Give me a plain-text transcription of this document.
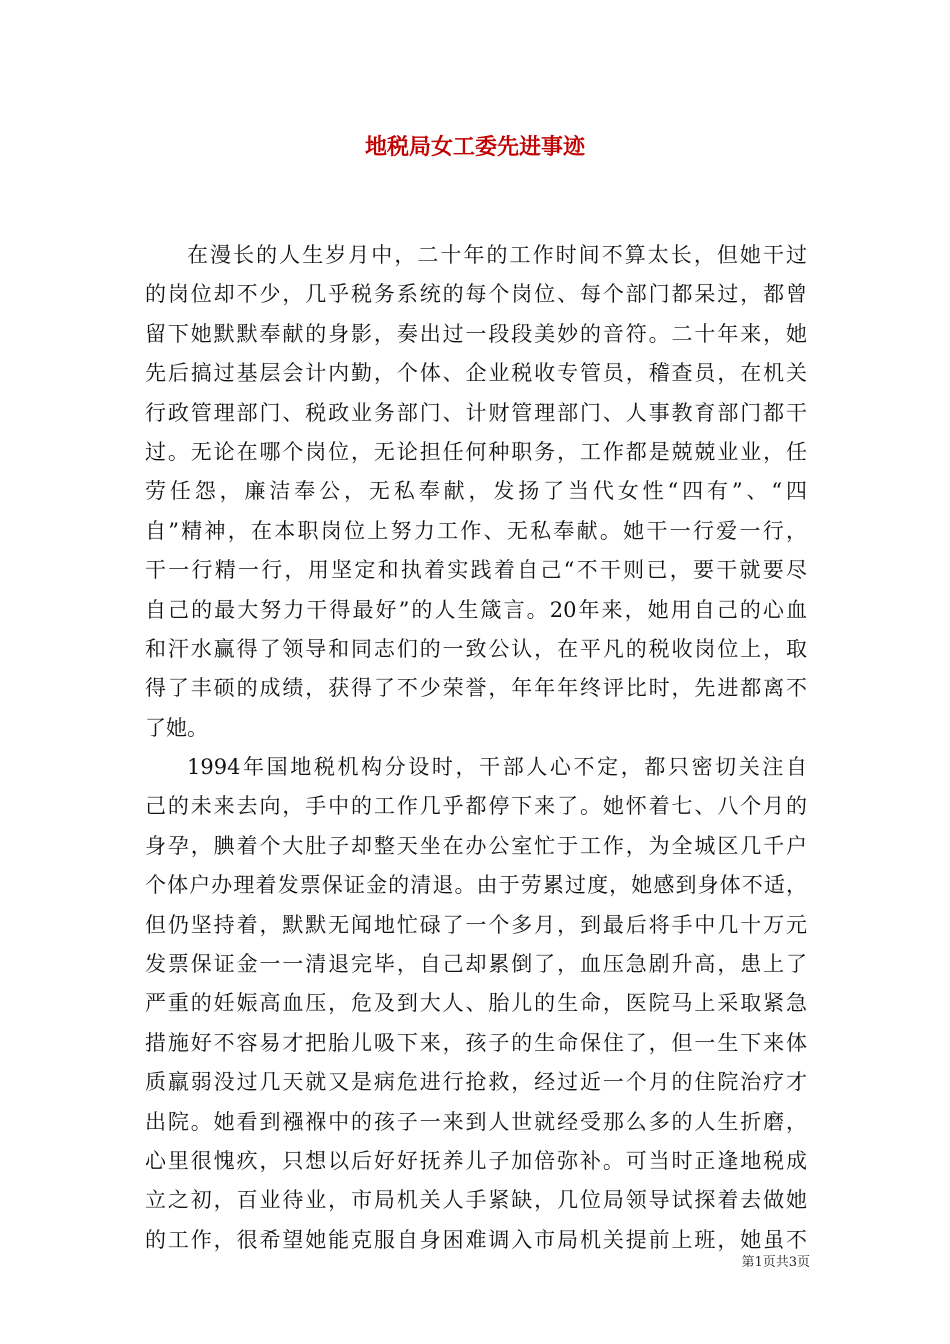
地税局女工委先进事迹
在漫长的人生岁月中，二十年的工作时间不算太长，但她干过
的岗位却不少，几乎税务系统的每个岗位、每个部门都呆过，都曾
留下她默默奉献的身影，奏出过一段段美妙的音符。二十年来，她
先后搞过基层会计内勤，个体、企业税收专管员，稽查员，在机关
行政管理部门、税政业务部门、计财管理部门、人事教育部门都干
过。无论在哪个岗位，无论担任何种职务，工作都是兢兢业业，任
劳任怨，廉洁奉公，无私奉献，发扬了当代女性“四有”、“四
自”精神，在本职岗位上努力工作、无私奉献。她干一行爱一行，
干一行精一行，用坚定和执着实践着自己“不干则已，要干就要尽
自己的最大努力干得最好”的人生箴言。20年来，她用自己的心血
和汗水赢得了领导和同志们的一致公认，在平凡的税收岗位上，取
得了丰硕的成绩，获得了不少荣誉，年年年终评比时，先进都离不
了她。
1994年国地税机构分设时，干部人心不定，都只密切关注自
己的未来去向，手中的工作几乎都停下来了。她怀着七、八个月的
身孕，腆着个大肚子却整天坐在办公室忙于工作，为全城区几千户
个体户办理着发票保证金的清退。由于劳累过度，她感到身体不适，
但仍坚持着，默默无闻地忙碌了一个多月，到最后将手中几十万元
发票保证金一一清退完毕，自己却累倒了，血压急剧升高，患上了
严重的妊娠高血压，危及到大人、胎儿的生命，医院马上采取紧急
措施好不容易才把胎儿吸下来，孩子的生命保住了，但一生下来体
质羸弱没过几天就又是病危进行抢救，经过近一个月的住院治疗才
出院。她看到襁褓中的孩子一来到人世就经受那么多的人生折磨，
心里很愧疚，只想以后好好抚养儿子加倍弥补。可当时正逢地税成
立之初，百业待业，市局机关人手紧缺，几位局领导试探着去做她
的工作，很希望她能克服自身困难调入市局机关提前上班，她虽不
第1页共3页
